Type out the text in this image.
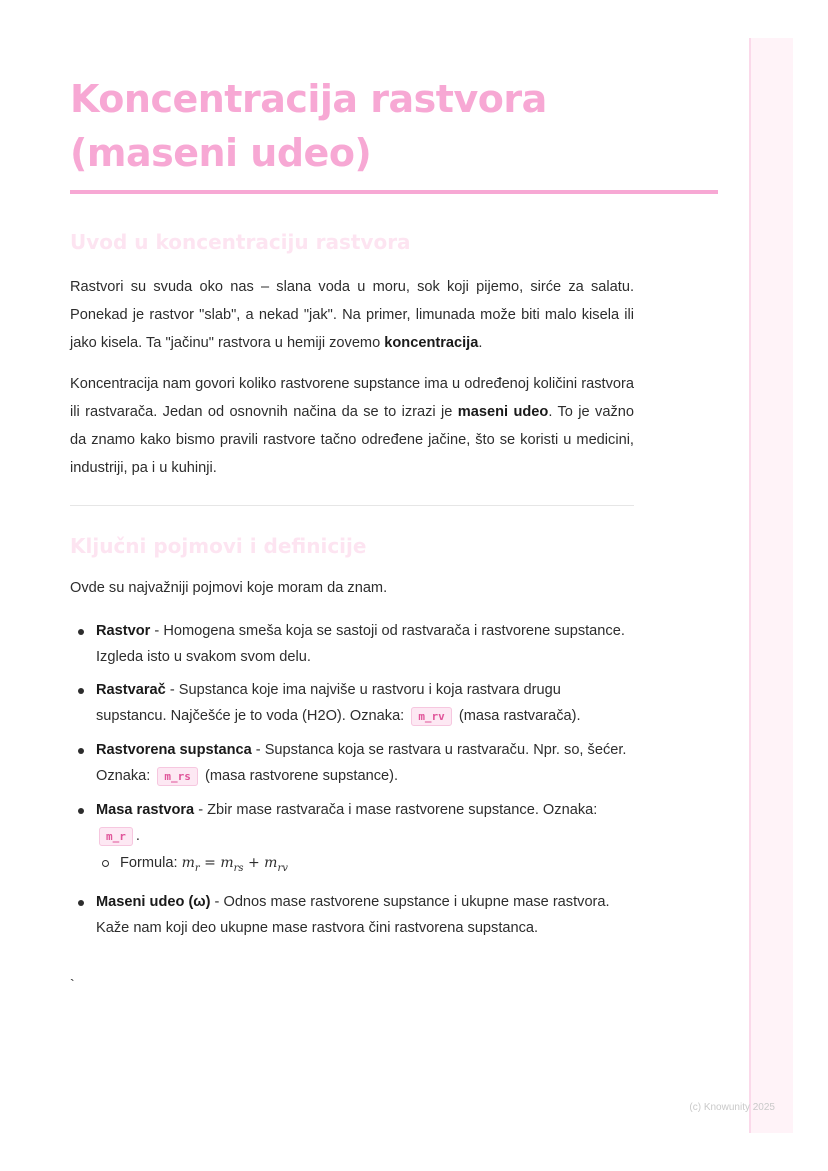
Koncentracija rastvora
(maseni udeo)
Uvod u koncentraciju rastvora

Rastvori su svuda oko nas – slana voda u moru, sok koji pijemo, sirće za salatu. Ponekad je rastvor "slab", a nekad "jak". Na primer, limunada može biti malo kisela ili jako kisela. Ta "jačinu" rastvora u hemiji zovemo koncentracija.

Koncentracija nam govori koliko rastvorene supstance ima u određenoj količini rastvora ili rastvarača. Jedan od osnovnih načina da se to izrazi je maseni udeo. To je važno da znamo kako bismo pravili rastvore tačno određene jačine, što se koristi u medicini, industriji, pa i u kuhinji.

Ključni pojmovi i definicije

Ovde su najvažniji pojmovi koje moram da znam.

Rastvor - Homogena smeša koja se sastoji od rastvarača i rastvorene supstance. Izgleda isto u svakom svom delu.
Rastvarač - Supstanca koje ima najviše u rastvoru i koja rastvara drugu supstancu. Najčešće je to voda (H2O). Oznaka: m_rv (masa rastvarača).
Rastvorena supstanca - Supstanca koja se rastvara u rastvaraču. Npr. so, šećer. Oznaka: m_rs (masa rastvorene supstance).
Masa rastvora - Zbir mase rastvarača i mase rastvorene supstance. Oznaka: m_r .
Formula: $m_r = m_{rs} + m_{rv}$
Maseni udeo (ω) - Odnos mase rastvorene supstance i ukupne mase rastvora. Kaže nam koji deo ukupne mase rastvora čini rastvorena supstanca.
`
(c) Knowunity 2025
